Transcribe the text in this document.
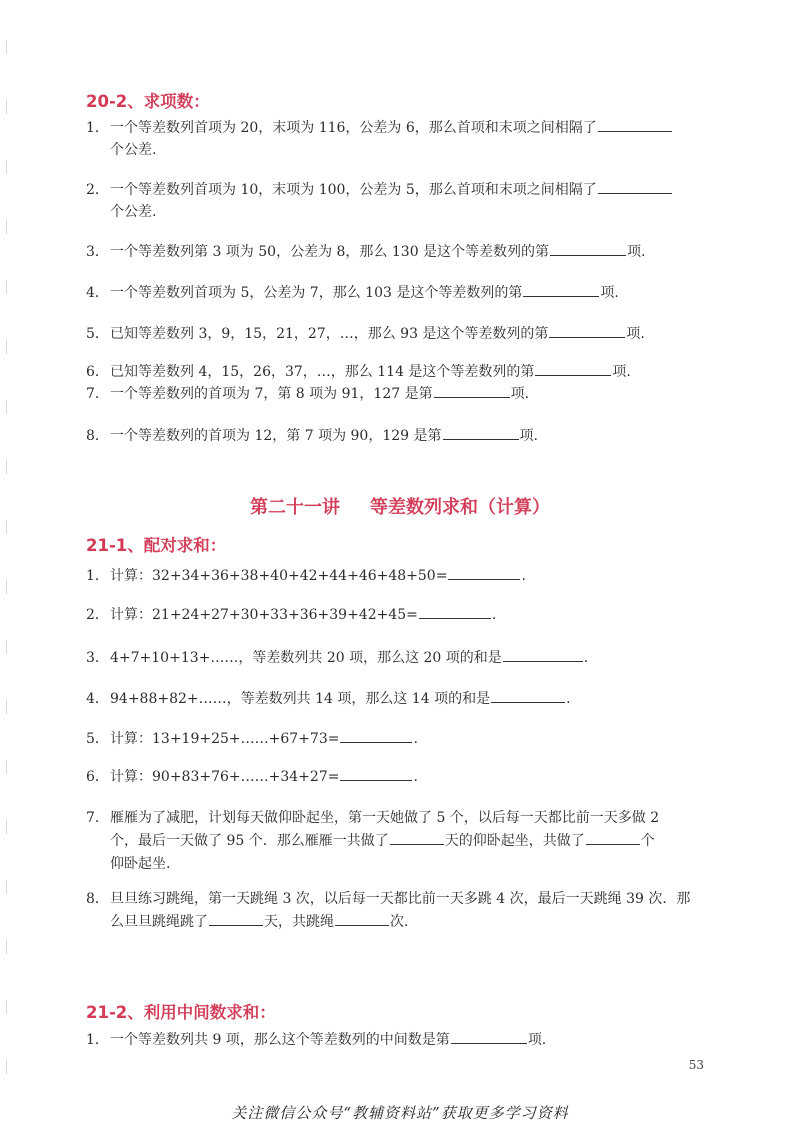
20-2、求项数：
1． 一个等差数列首项为 20，末项为 116，公差为 6，那么首项和末项之间相隔了
个公差.
2． 一个等差数列首项为 10，末项为 100，公差为 5，那么首项和末项之间相隔了
个公差.
3． 一个等差数列第 3 项为 50，公差为 8，那么 130 是这个等差数列的第	项.
4． 一个等差数列首项为 5，公差为 7，那么 103 是这个等差数列的第	项.
5． 已知等差数列 3，9，15，21，27，…，那么 93 是这个等差数列的第	项.
6． 已知等差数列 4，15，26，37，…，那么 114 是这个等差数列的第	项.
7． 一个等差数列的首项为 7，第 8 项为 91，127 是第	项.
8． 一个等差数列的首项为 12，第 7 项为 90，129 是第	项.
第二十一讲 等差数列求和（计算）
21-1、配对求和：
1． 计算：32+34+36+38+40+42+44+46+48+50=	.
2． 计算：21+24+27+30+33+36+39+42+45=	.
3． 4+7+10+13+……，等差数列共 20 项，那么这 20 项的和是	.
4． 94+88+82+……，等差数列共 14 项，那么这 14 项的和是	.
5． 计算：13+19+25+……+67+73=	.
6． 计算：90+83+76+……+34+27=	.
7． 雁雁为了减肥，计划每天做仰卧起坐，第一天她做了 5 个，以后每一天都比前一天多做 2
个，最后一天做了 95 个．那么雁雁一共做了	天的仰卧起坐，共做了	个
仰卧起坐.
8． 旦旦练习跳绳，第一天跳绳 3 次，以后每一天都比前一天多跳 4 次，最后一天跳绳 39 次．那
么旦旦跳绳跳了	天，共跳绳	次.
21-2、利用中间数求和：
1． 一个等差数列共 9 项，那么这个等差数列的中间数是第	项.
53
关注微信公众号“教辅资料站”获取更多学习资料
